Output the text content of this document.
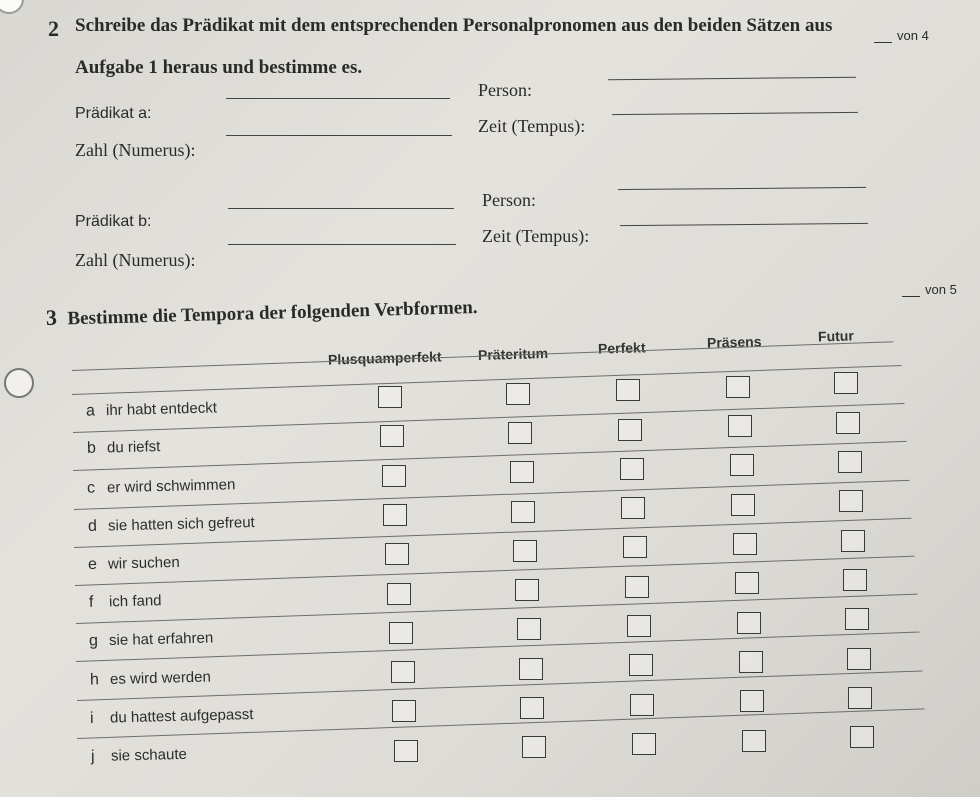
2 Schreibe das Prädikat mit dem entsprechenden Personalpronomen aus den beiden Sätzen aus
Aufgabe 1 heraus und bestimme es.
von 4
Prädikat a:
Person:
Zahl (Numerus):
Zeit (Tempus):
Prädikat b:
Person:
Zahl (Numerus):
Zeit (Tempus):
von 5
3 Bestimme die Tempora der folgenden Verbformen.
Plusquamperfekt	Präteritum	Perfekt	Präsens	Futur
a ihr habt entdeckt
b du riefst
c er wird schwimmen
d sie hatten sich gefreut
e wir suchen
f ich fand
g sie hat erfahren
h es wird werden
i du hattest aufgepasst
j sie schaute
